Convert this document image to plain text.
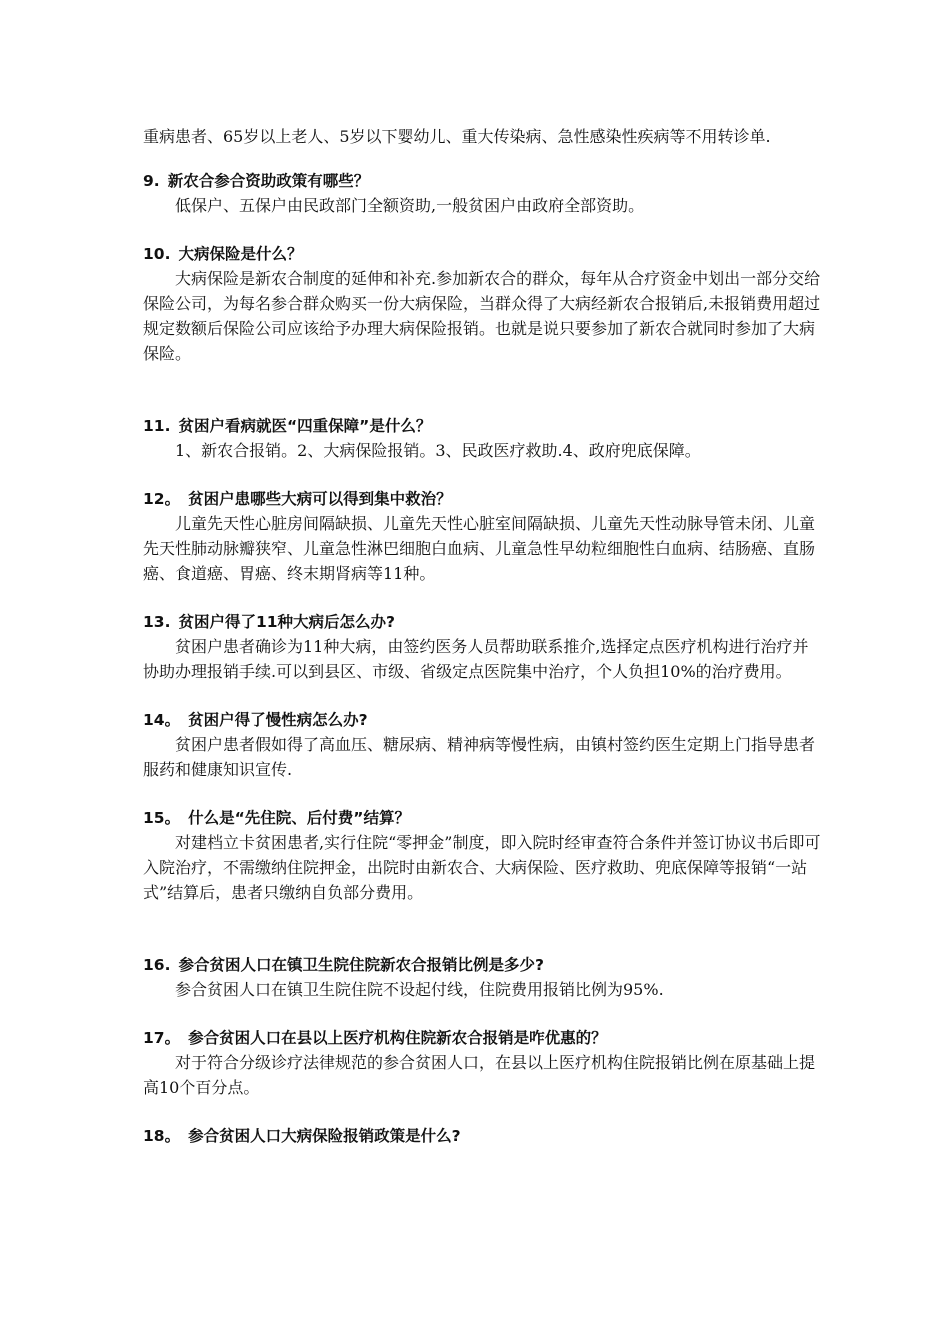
重病患者、65岁以上老人、5岁以下婴幼儿、重大传染病、急性感染性疾病等不用转诊单.

9. 新农合参合资助政策有哪些？

低保户、五保户由民政部门全额资助,一般贫困户由政府全部资助。

10. 大病保险是什么？

大病保险是新农合制度的延伸和补充.参加新农合的群众，每年从合疗资金中划出一部分交给保险公司，为每名参合群众购买一份大病保险，当群众得了大病经新农合报销后,未报销费用超过规定数额后保险公司应该给予办理大病保险报销。也就是说只要参加了新农合就同时参加了大病保险。

11. 贫困户看病就医“四重保障”是什么？

1、新农合报销。2、大病保险报销。3、民政医疗救助.4、政府兜底保障。

12。 贫困户患哪些大病可以得到集中救治？

儿童先天性心脏房间隔缺损、儿童先天性心脏室间隔缺损、儿童先天性动脉导管未闭、儿童先天性肺动脉瓣狭窄、儿童急性淋巴细胞白血病、儿童急性早幼粒细胞性白血病、结肠癌、直肠癌、食道癌、胃癌、终末期肾病等11种。

13. 贫困户得了11种大病后怎么办?

贫困户患者确诊为11种大病，由签约医务人员帮助联系推介,选择定点医疗机构进行治疗并协助办理报销手续.可以到县区、市级、省级定点医院集中治疗，个人负担10%的治疗费用。

14。 贫困户得了慢性病怎么办?

贫困户患者假如得了高血压、糖尿病、精神病等慢性病，由镇村签约医生定期上门指导患者服药和健康知识宣传.

15。 什么是“先住院、后付费”结算？

对建档立卡贫困患者,实行住院“零押金”制度，即入院时经审查符合条件并签订协议书后即可入院治疗，不需缴纳住院押金，出院时由新农合、大病保险、医疗救助、兜底保障等报销“一站式”结算后，患者只缴纳自负部分费用。

16. 参合贫困人口在镇卫生院住院新农合报销比例是多少?

参合贫困人口在镇卫生院住院不设起付线，住院费用报销比例为95%.

17。 参合贫困人口在县以上医疗机构住院新农合报销是咋优惠的？

对于符合分级诊疗法律规范的参合贫困人口，在县以上医疗机构住院报销比例在原基础上提高10个百分点。

18。 参合贫困人口大病保险报销政策是什么?
